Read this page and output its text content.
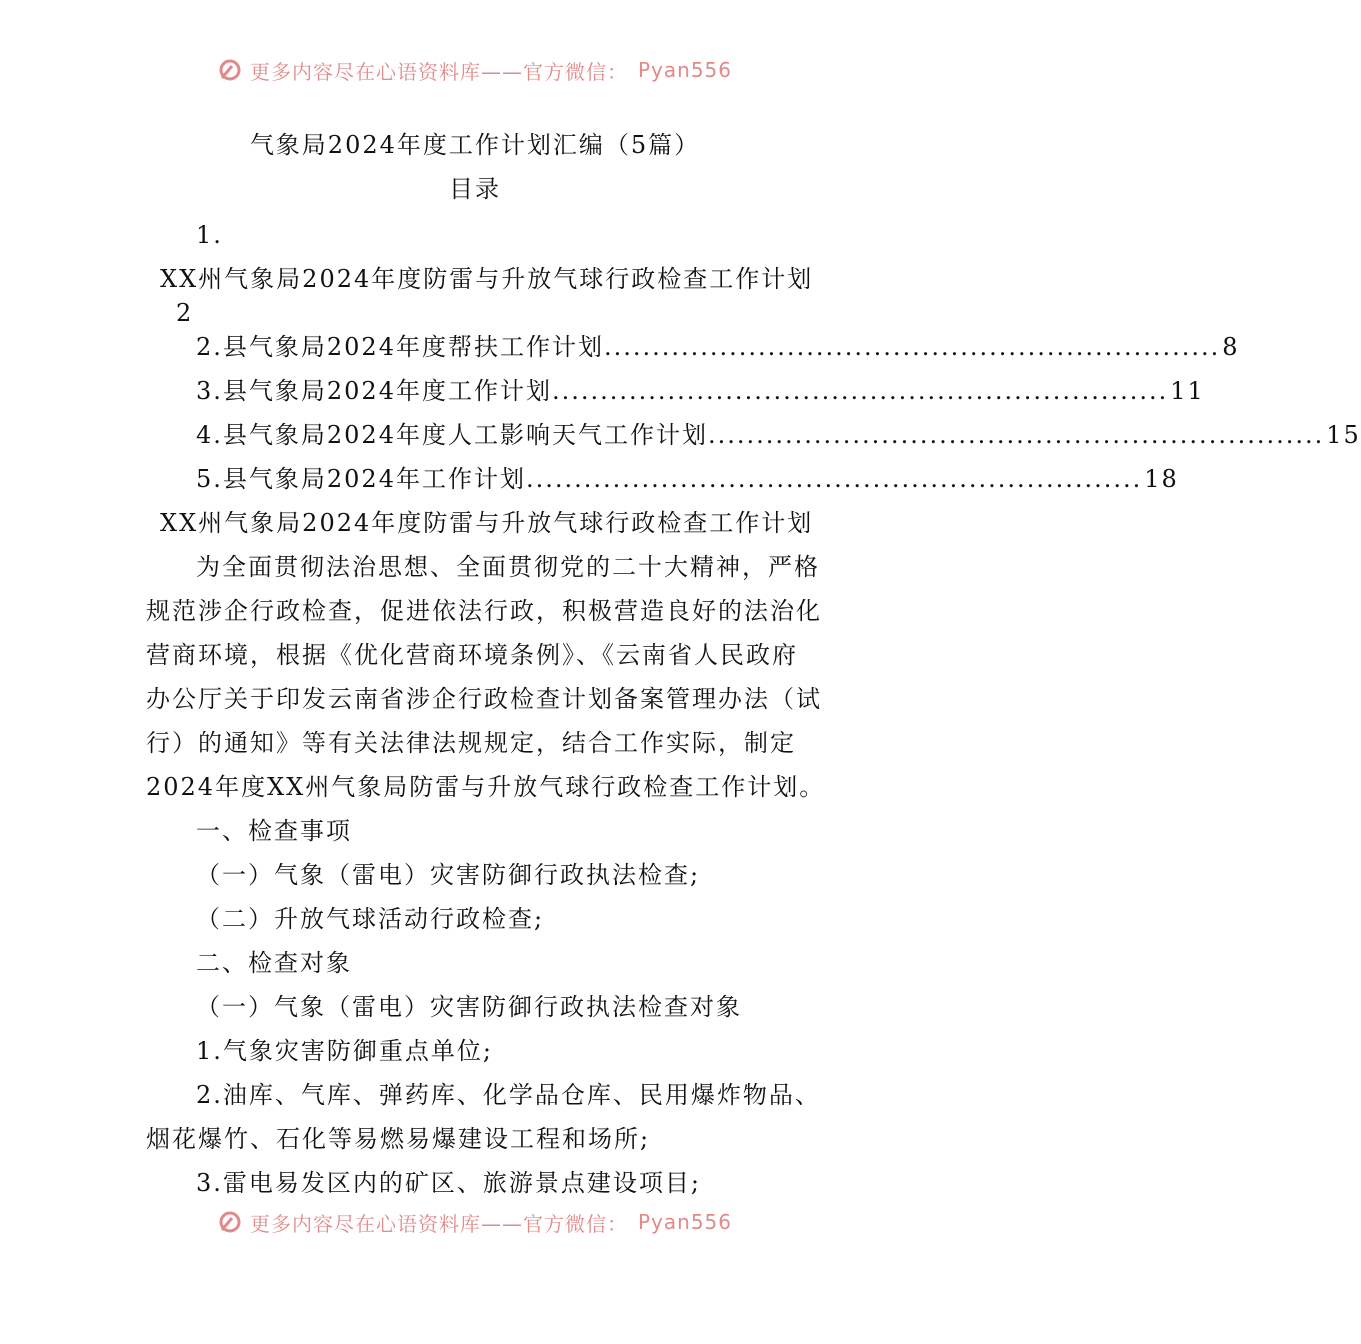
更多内容尽在心语资料库——官方微信： Pyan556
气象局2024年度工作计划汇编（5篇）
目录
1.
XX州气象局2024年度防雷与升放气球行政检查工作计划
2
2.县气象局2024年度帮扶工作计划 ................................................................ 8
3.县气象局2024年度工作计划 ................................................................ 11
4.县气象局2024年度人工影响天气工作计划 ................................................................ 15
5.县气象局2024年工作计划 ................................................................ 18
XX州气象局2024年度防雷与升放气球行政检查工作计划
为全面贯彻法治思想、全面贯彻党的二十大精神，严格
规范涉企行政检查，促进依法行政，积极营造良好的法治化
营商环境，根据《优化营商环境条例》、《云南省人民政府
办公厅关于印发云南省涉企行政检查计划备案管理办法（试
行）的通知》等有关法律法规规定，结合工作实际，制定
2024年度XX州气象局防雷与升放气球行政检查工作计划。
一、检查事项
（一）气象（雷电）灾害防御行政执法检查;
（二）升放气球活动行政检查;
二、检查对象
（一）气象（雷电）灾害防御行政执法检查对象
1.气象灾害防御重点单位;
2.油库、气库、弹药库、化学品仓库、民用爆炸物品、
烟花爆竹、石化等易燃易爆建设工程和场所;
3.雷电易发区内的矿区、旅游景点建设项目;
更多内容尽在心语资料库——官方微信： Pyan556
